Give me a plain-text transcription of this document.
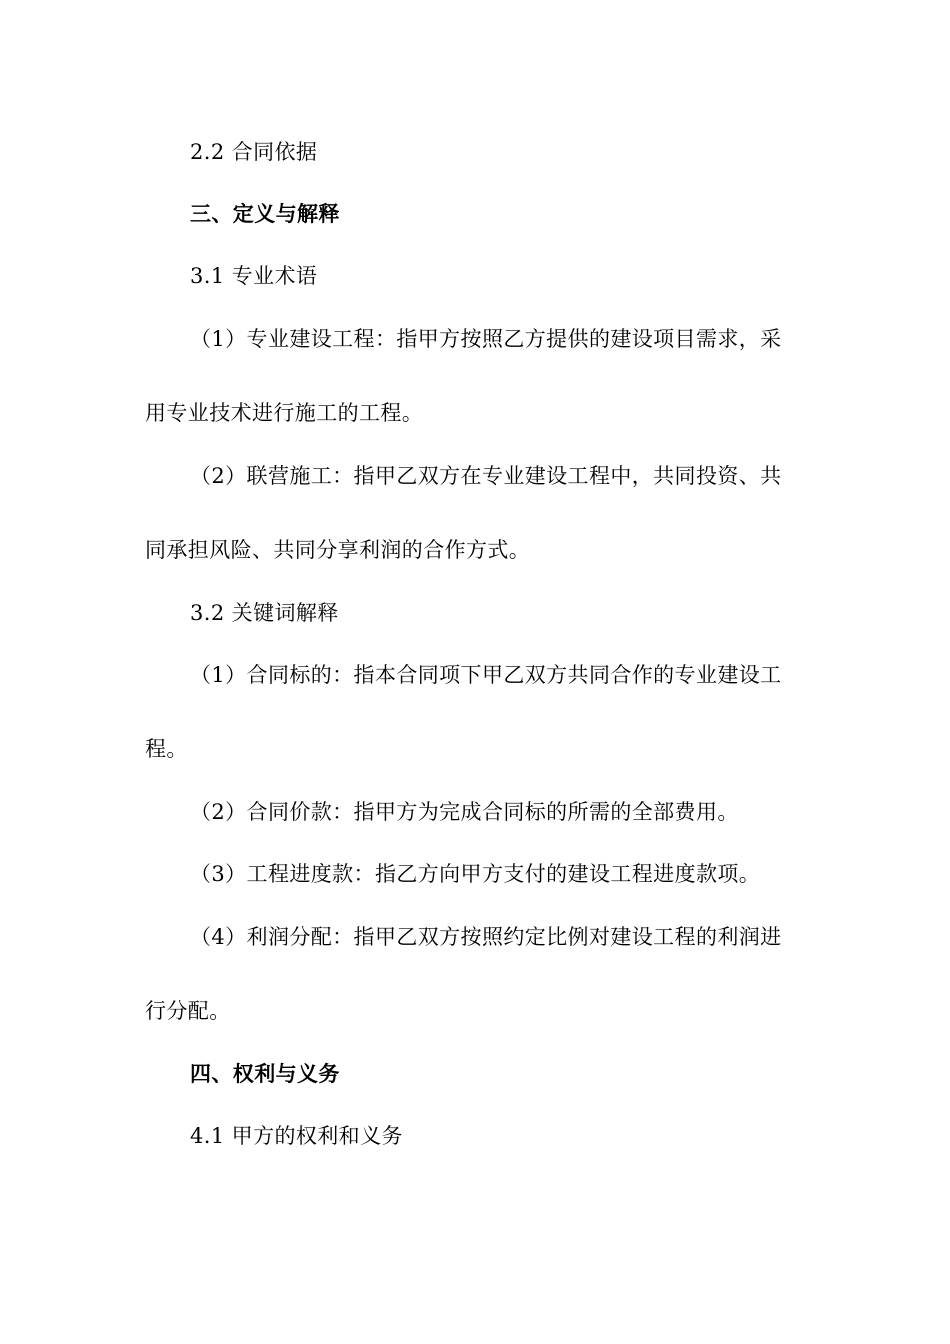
2.2 合同依据
三、定义与解释
3.1 专业术语
（1）专业建设工程：指甲方按照乙方提供的建设项目需求，采
用专业技术进行施工的工程。
（2）联营施工：指甲乙双方在专业建设工程中，共同投资、共
同承担风险、共同分享利润的合作方式。
3.2 关键词解释
（1）合同标的：指本合同项下甲乙双方共同合作的专业建设工
程。
（2）合同价款：指甲方为完成合同标的所需的全部费用。
（3）工程进度款：指乙方向甲方支付的建设工程进度款项。
（4）利润分配：指甲乙双方按照约定比例对建设工程的利润进
行分配。
四、权利与义务
4.1 甲方的权利和义务
